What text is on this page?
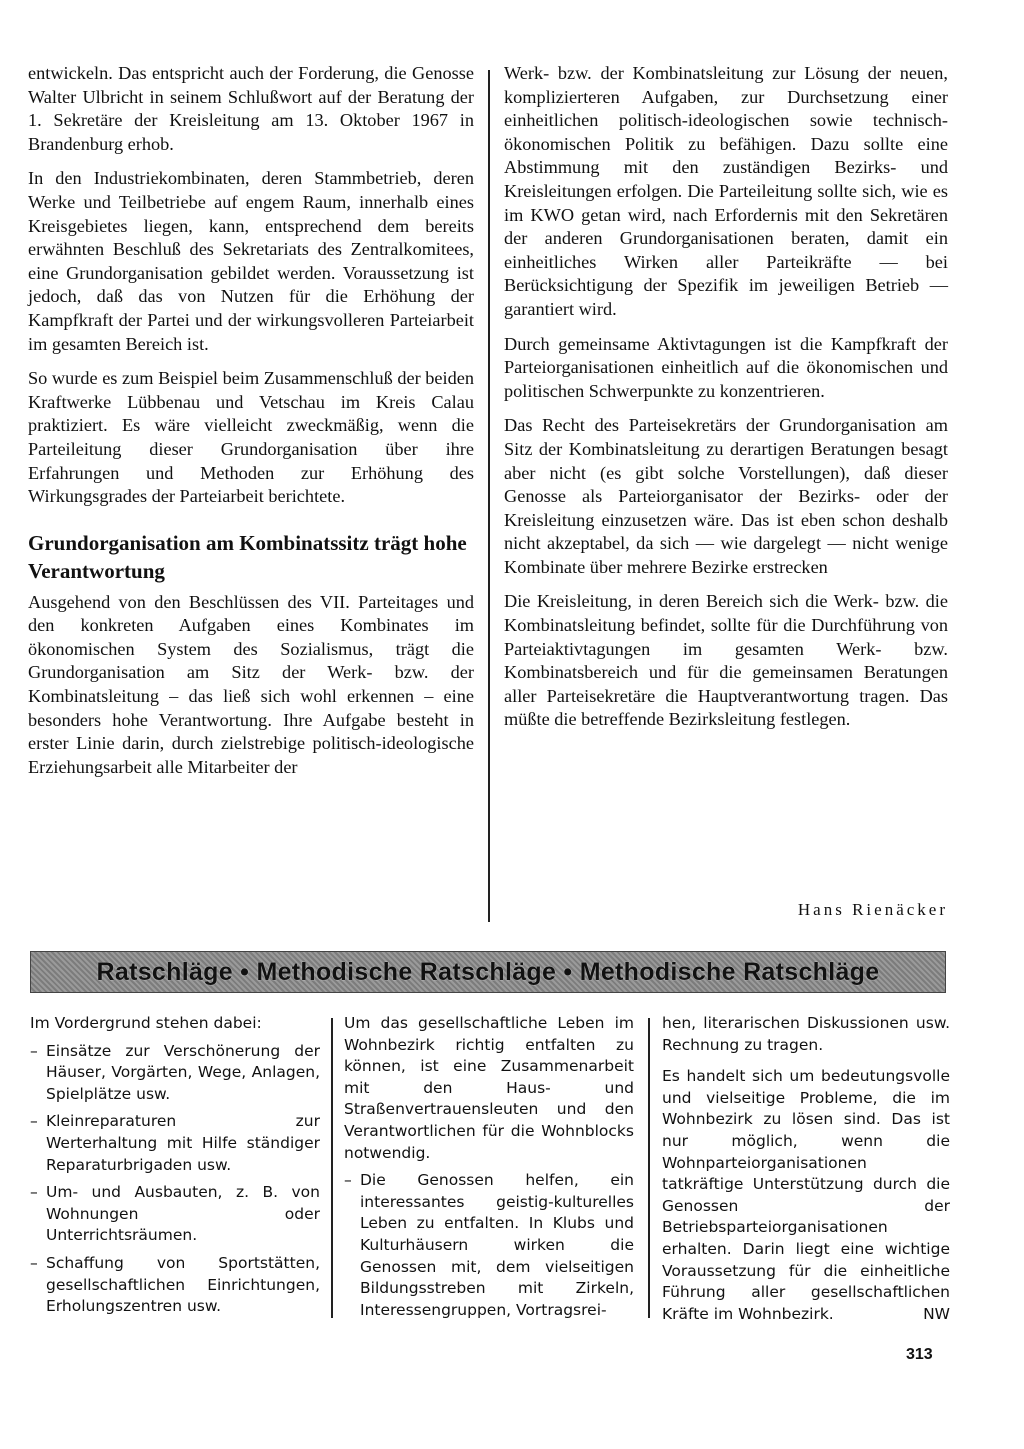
entwickeln. Das entspricht auch der Forderung, die Genosse Walter Ulbricht in seinem Schlußwort auf der Beratung der 1. Sekretäre der Kreisleitung am 13. Oktober 1967 in Brandenburg erhob.

In den Industriekombinaten, deren Stammbetrieb, deren Werke und Teilbetriebe auf engem Raum, innerhalb eines Kreisgebietes liegen, kann, entsprechend dem bereits erwähnten Beschluß des Sekretariats des Zentralkomitees, eine Grundorganisation gebildet werden. Voraussetzung ist jedoch, daß das von Nutzen für die Erhöhung der Kampfkraft der Partei und der wirkungsvolleren Parteiarbeit im gesamten Bereich ist.

So wurde es zum Beispiel beim Zusammenschluß der beiden Kraftwerke Lübbenau und Vetschau im Kreis Calau praktiziert. Es wäre vielleicht zweckmäßig, wenn die Parteileitung dieser Grundorganisation über ihre Erfahrungen und Methoden zur Erhöhung des Wirkungsgrades der Parteiarbeit berichtete.

Grundorganisation am Kombinatssitz trägt hohe Verantwortung

Ausgehend von den Beschlüssen des VII. Parteitages und den konkreten Aufgaben eines Kombinates im ökonomischen System des Sozialismus, trägt die Grundorganisation am Sitz der Werk- bzw. der Kombinatsleitung – das ließ sich wohl erkennen – eine besonders hohe Verantwortung. Ihre Aufgabe besteht in erster Linie darin, durch zielstrebige politisch-ideologische Erziehungsarbeit alle Mitarbeiter der

Werk- bzw. der Kombinatsleitung zur Lösung der neuen, komplizierteren Aufgaben, zur Durchsetzung einer einheitlichen politisch-ideologischen sowie technisch-ökonomischen Politik zu befähigen. Dazu sollte eine Abstimmung mit den zuständigen Bezirks- und Kreisleitungen erfolgen. Die Parteileitung sollte sich, wie es im KWO getan wird, nach Erfordernis mit den Sekretären der anderen Grundorganisationen beraten, damit ein einheitliches Wirken aller Parteikräfte — bei Berücksichtigung der Spezifik im jeweiligen Betrieb — garantiert wird.

Durch gemeinsame Aktivtagungen ist die Kampfkraft der Parteiorganisationen einheitlich auf die ökonomischen und politischen Schwerpunkte zu konzentrieren.

Das Recht des Parteisekretärs der Grundorganisation am Sitz der Kombinatsleitung zu derartigen Beratungen besagt aber nicht (es gibt solche Vorstellungen), daß dieser Genosse als Parteiorganisator der Bezirks- oder der Kreisleitung einzusetzen wäre. Das ist eben schon deshalb nicht akzeptabel, da sich — wie dargelegt — nicht wenige Kombinate über mehrere Bezirke erstrecken

Die Kreisleitung, in deren Bereich sich die Werk- bzw. die Kombinatsleitung befindet, sollte für die Durchführung von Parteiaktivtagungen im gesamten Werk- bzw. Kombinatsbereich und für die gemeinsamen Beratungen aller Parteisekretäre die Hauptverantwortung tragen. Das müßte die betreffende Bezirksleitung festlegen.

Hans Rienäcker
Ratschläge • Methodische Ratschläge • Methodische Ratschläge

Im Vordergrund stehen dabei:

– Einsätze zur Verschönerung der Häuser, Vorgärten, Wege, Anlagen, Spielplätze usw.
– Kleinreparaturen zur Werterhaltung mit Hilfe ständiger Reparaturbrigaden usw.
– Um- und Ausbauten, z. B. von Wohnungen oder Unterrichtsräumen.
– Schaffung von Sportstätten, gesellschaftlichen Einrichtungen, Erholungszentren usw.

Um das gesellschaftliche Leben im Wohnbezirk richtig entfalten zu können, ist eine Zusammenarbeit mit den Haus- und Straßenvertrauensleuten und den Verantwortlichen für die Wohnblocks notwendig.

– Die Genossen helfen, ein interessantes geistig-kulturelles Leben zu entfalten. In Klubs und Kulturhäusern wirken die Genossen mit, dem vielseitigen Bildungsstreben mit Zirkeln, Interessengruppen, Vortragsrei-

hen, literarischen Diskussionen usw. Rechnung zu tragen.

Es handelt sich um bedeutungsvolle und vielseitige Probleme, die im Wohnbezirk zu lösen sind. Das ist nur möglich, wenn die Wohnparteiorganisationen tatkräftige Unterstützung durch die Genossen der Betriebsparteiorganisationen erhalten. Darin liegt eine wichtige Voraussetzung für die einheitliche Führung aller gesellschaftlichen Kräfte im Wohnbezirk.	NW
313
